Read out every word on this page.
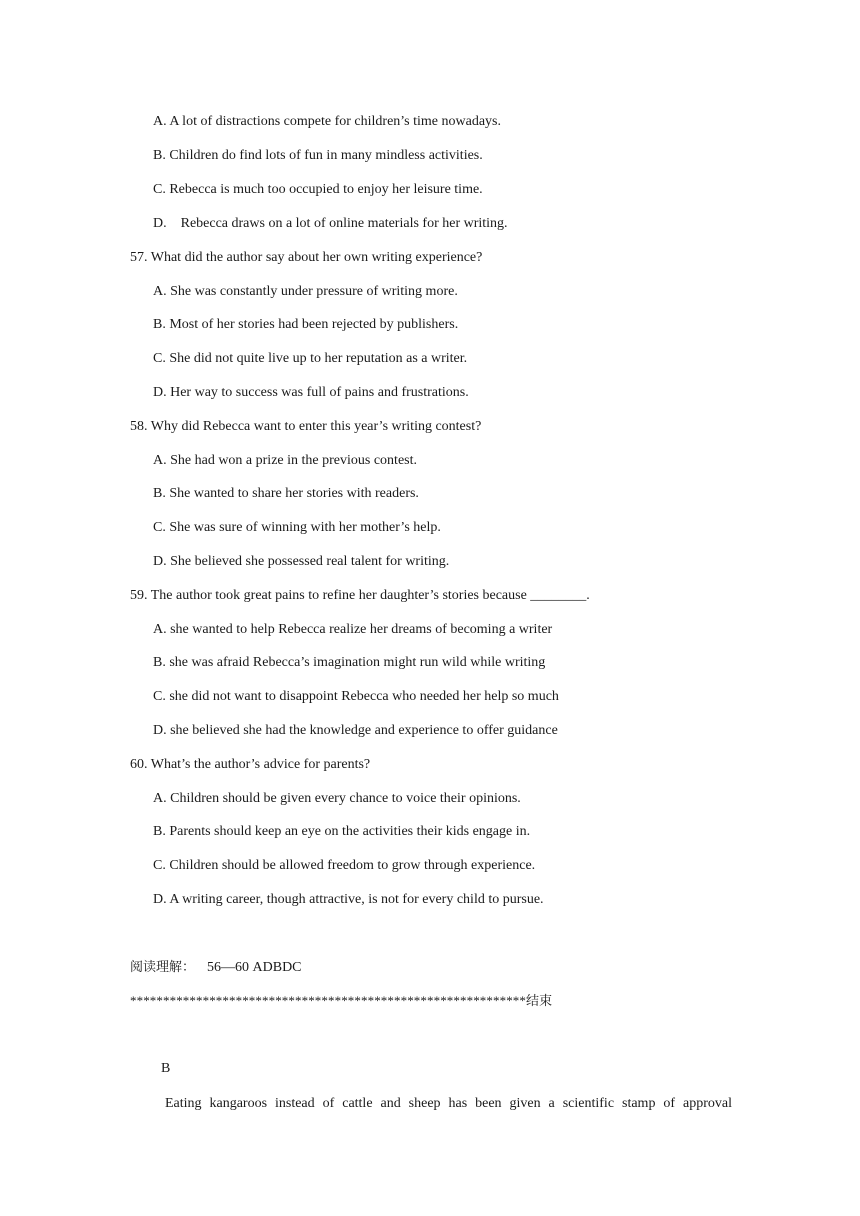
A. A lot of distractions compete for children’s time nowadays.
B. Children do find lots of fun in many mindless activities.
C. Rebecca is much too occupied to enjoy her leisure time.
D.    Rebecca draws on a lot of online materials for her writing.
57. What did the author say about her own writing experience?
A. She was constantly under pressure of writing more.
B. Most of her stories had been rejected by publishers.
C. She did not quite live up to her reputation as a writer.
D. Her way to success was full of pains and frustrations.
58. Why did Rebecca want to enter this year’s writing contest?
A. She had won a prize in the previous contest.
B. She wanted to share her stories with readers.
C. She was sure of winning with her mother’s help.
D. She believed she possessed real talent for writing.
59. The author took great pains to refine her daughter’s stories because ________.
A. she wanted to help Rebecca realize her dreams of becoming a writer
B. she was afraid Rebecca’s imagination might run wild while writing
C. she did not want to disappoint Rebecca who needed her help so much
D. she believed she had the knowledge and experience to offer guidance
60. What’s the author’s advice for parents?
A. Children should be given every chance to voice their opinions.
B. Parents should keep an eye on the activities their kids engage in.
C. Children should be allowed freedom to grow through experience.
D. A writing career, though attractive, is not for every child to pursue.
阅读理解： 56—60 ADBDC
************************************************************结束
B
Eating kangaroos instead of cattle and sheep has been given a scientific stamp of approval
